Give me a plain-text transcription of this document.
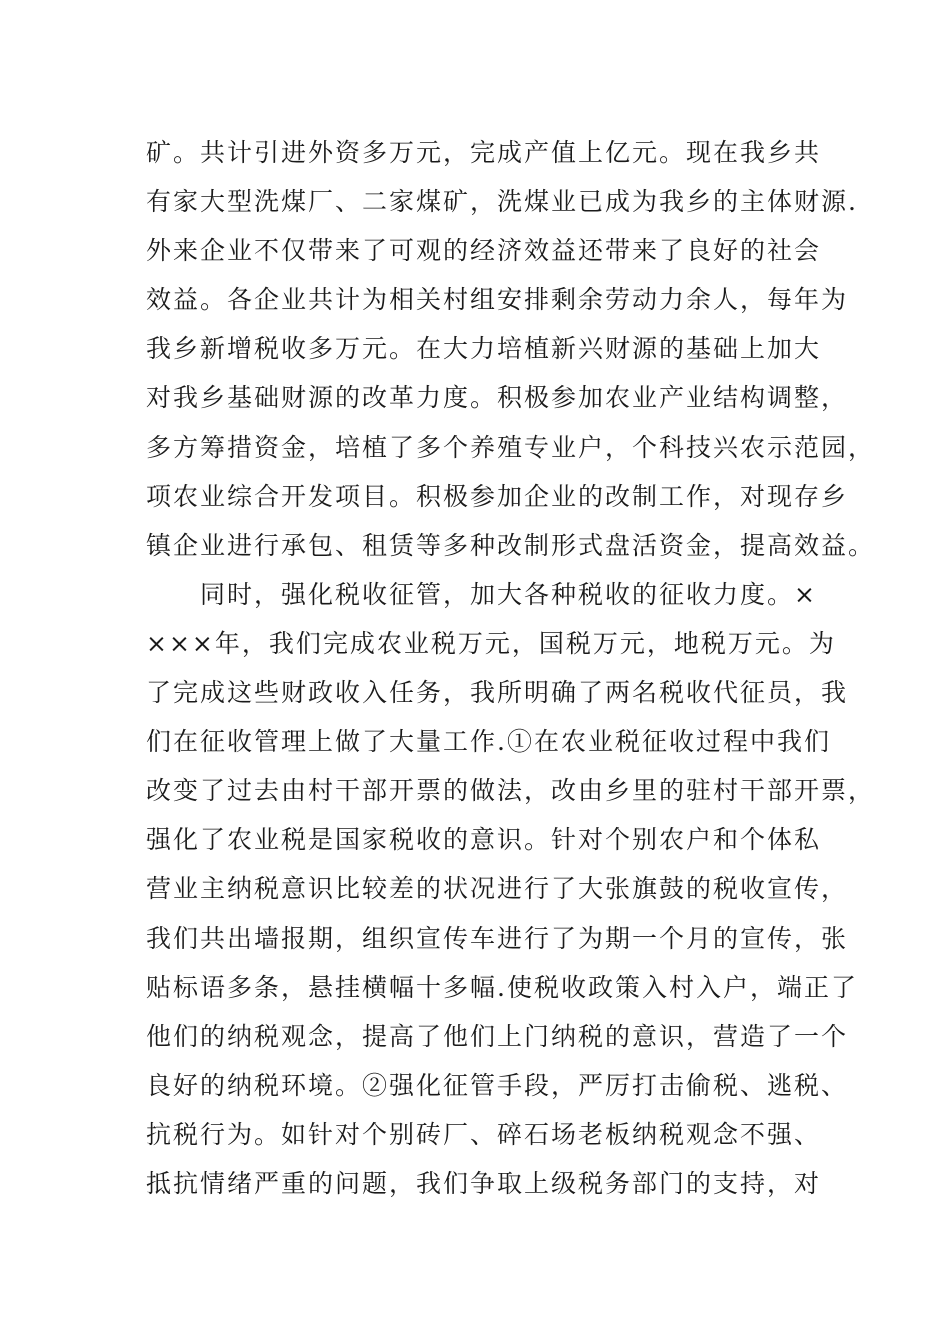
矿。共计引进外资多万元，完成产值上亿元。现在我乡共
有家大型洗煤厂、二家煤矿，洗煤业已成为我乡的主体财源.
外来企业不仅带来了可观的经济效益还带来了良好的社会
效益。各企业共计为相关村组安排剩余劳动力余人，每年为
我乡新增税收多万元。在大力培植新兴财源的基础上加大
对我乡基础财源的改革力度。积极参加农业产业结构调整，
多方筹措资金，培植了多个养殖专业户，个科技兴农示范园，
项农业综合开发项目。积极参加企业的改制工作，对现存乡
镇企业进行承包、租赁等多种改制形式盘活资金，提高效益。
　　同时，强化税收征管，加大各种税收的征收力度。×
×××年，我们完成农业税万元，国税万元，地税万元。为
了完成这些财政收入任务，我所明确了两名税收代征员，我
们在征收管理上做了大量工作.①在农业税征收过程中我们
改变了过去由村干部开票的做法，改由乡里的驻村干部开票，
强化了农业税是国家税收的意识。针对个别农户和个体私
营业主纳税意识比较差的状况进行了大张旗鼓的税收宣传，
我们共出墙报期，组织宣传车进行了为期一个月的宣传，张
贴标语多条，悬挂横幅十多幅.使税收政策入村入户，端正了
他们的纳税观念，提高了他们上门纳税的意识，营造了一个
良好的纳税环境。②强化征管手段，严厉打击偷税、逃税、
抗税行为。如针对个别砖厂、碎石场老板纳税观念不强、
抵抗情绪严重的问题，我们争取上级税务部门的支持，对
